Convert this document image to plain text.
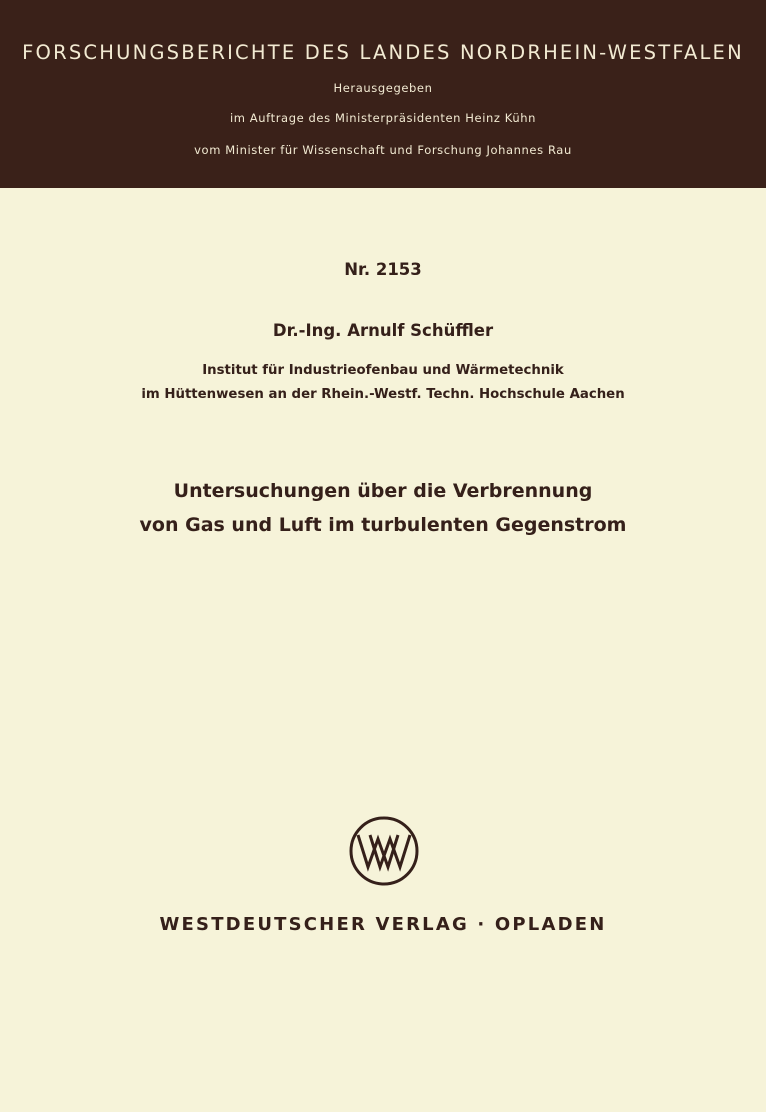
FORSCHUNGSBERICHTE DES LANDES NORDRHEIN-WESTFALEN
Herausgegeben
im Auftrage des Ministerpräsidenten Heinz Kühn
vom Minister für Wissenschaft und Forschung Johannes Rau
Nr. 2153
Dr.-Ing. Arnulf Schüffler
Institut für Industrieofenbau und Wärmetechnik
im Hüttenwesen an der Rhein.-Westf. Techn. Hochschule Aachen
Untersuchungen über die Verbrennung
von Gas und Luft im turbulenten Gegenstrom
WESTDEUTSCHER VERLAG · OPLADEN
